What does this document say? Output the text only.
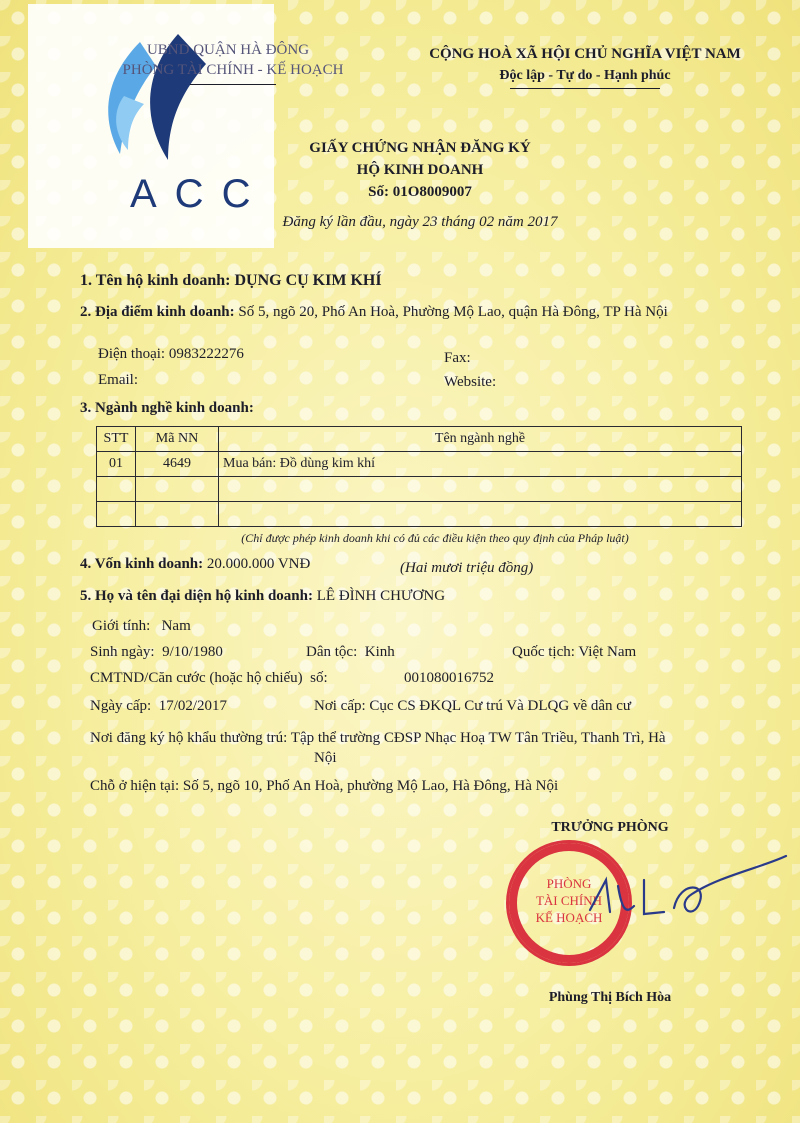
ACC
UBND QUẬN HÀ ĐÔNG
PHÒNG TÀI CHÍNH - KẾ HOẠCH
CỘNG HOÀ XÃ HỘI CHỦ NGHĨA VIỆT NAM
Độc lập - Tự do - Hạnh phúc
GIẤY CHỨNG NHẬN ĐĂNG KÝ
HỘ KINH DOANH
Số: 01O8009007
Đăng ký lần đầu, ngày 23 tháng 02 năm 2017
1. Tên hộ kinh doanh: DỤNG CỤ KIM KHÍ
2. Địa điểm kinh doanh: Số 5, ngõ 20, Phố An Hoà, Phường Mộ Lao, quận Hà Đông, TP Hà Nội
Điện thoại: 0983222276	Fax:
Email:	Website:
3. Ngành nghề kinh doanh:
STT	Mã NN	Tên ngành nghề
01	4649	Mua bán: Đồ dùng kim khí

(Chỉ được phép kinh doanh khi có đủ các điều kiện theo quy định của Pháp luật)
4. Vốn kinh doanh: 20.000.000 VNĐ	(Hai mươi triệu đồng)
5. Họ và tên đại diện hộ kinh doanh: LÊ ĐÌNH CHƯƠNG
Giới tính:   Nam
Sinh ngày:  9/10/1980	Dân tộc:  Kinh	Quốc tịch: Việt Nam
CMTND/Căn cước (hoặc hộ chiếu)  số:	001080016752
Ngày cấp:  17/02/2017	Nơi cấp: Cục CS ĐKQL Cư trú Và DLQG về dân cư
Nơi đăng ký hộ khẩu thường trú: Tập thể trường CĐSP Nhạc Hoạ TW Tân Triều, Thanh Trì, Hà
Nội
Chỗ ở hiện tại: Số 5, ngõ 10, Phố An Hoà, phường Mộ Lao, Hà Đông, Hà Nội
TRƯỞNG PHÒNG
PHÒNG
TÀI CHÍNH
KẾ HOẠCH
Phùng Thị Bích Hòa
